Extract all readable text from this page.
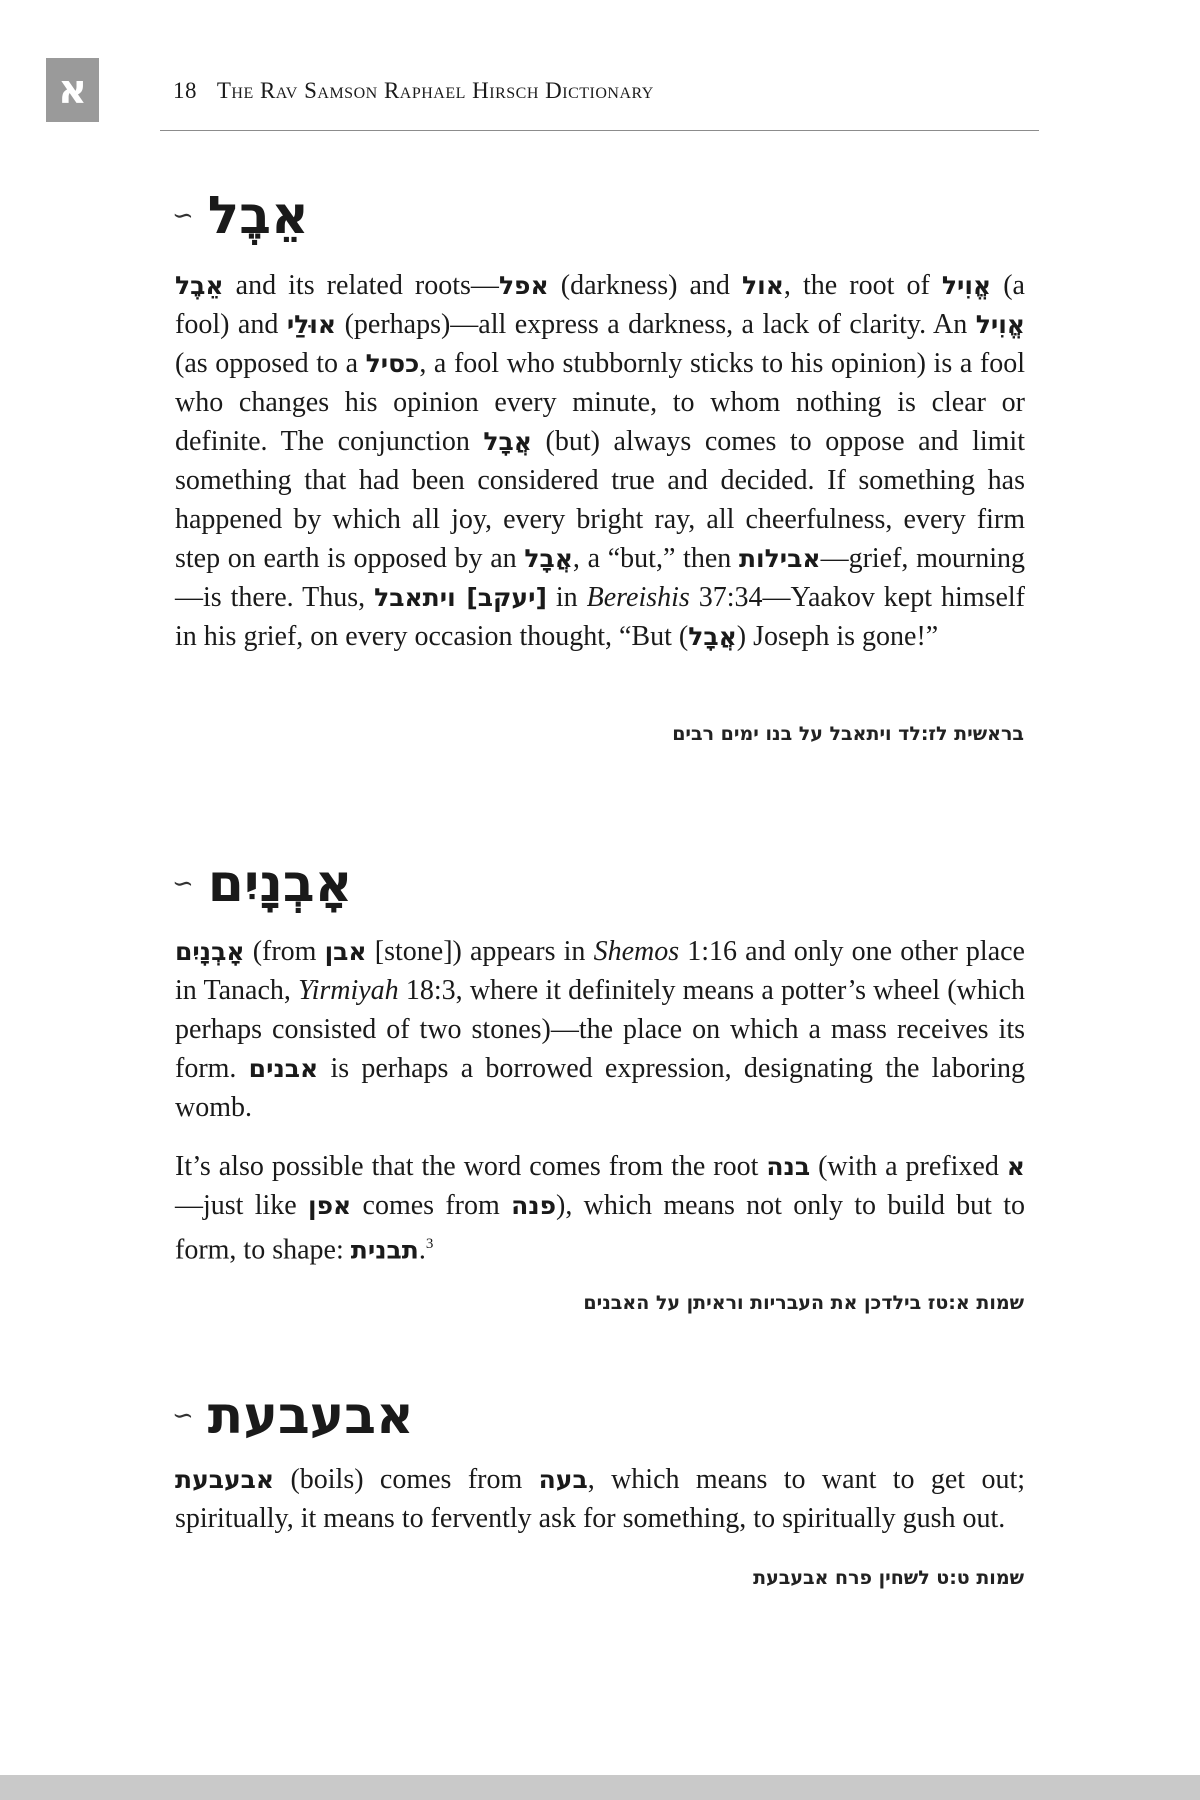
א	18 The Rav Samson Raphael Hirsch Dictionary
∽ אֵבֶל

אֵבֶל and its related roots—אפל (darkness) and אול, the root of אֱוִיל (a fool) and אוּלַי (perhaps)—all express a darkness, a lack of clarity. An אֱוִיל (as opposed to a כסיל, a fool who stubbornly sticks to his opinion) is a fool who changes his opinion every minute, to whom nothing is clear or definite. The conjunction אֲבָל (but) always comes to oppose and limit something that had been considered true and decided. If something has happened by which all joy, every bright ray, all cheerfulness, every firm step on earth is opposed by an אֲבָל, a “but,” then אבילות—grief, mourning—is there. Thus, [יעקב] ויתאבל in Bereishis 37:34—Yaakov kept himself in his grief, on every occasion thought, “But (אֲבָל) Joseph is gone!”

בראשית לז:לד ויתאבל על בנו ימים רבים
∽ אָבְנָיִם

אָבְנָיִם (from אבן [stone]) appears in Shemos 1:16 and only one other place in Tanach, Yirmiyah 18:3, where it definitely means a potter’s wheel (which perhaps consisted of two stones)—the place on which a mass receives its form. אבנים is perhaps a borrowed expression, designating the laboring womb.

It’s also possible that the word comes from the root בנה (with a prefixed א—just like אפן comes from פנה), which means not only to build but to form, to shape: תבנית.$^3$

שמות א:טז בילדכן את העבריות וראיתן על האבנים
∽ אבעבעת

אבעבעת (boils) comes from בעה, which means to want to get out; spiritually, it means to fervently ask for something, to spiritually gush out.

שמות ט:ט לשחין פרח אבעבעת
